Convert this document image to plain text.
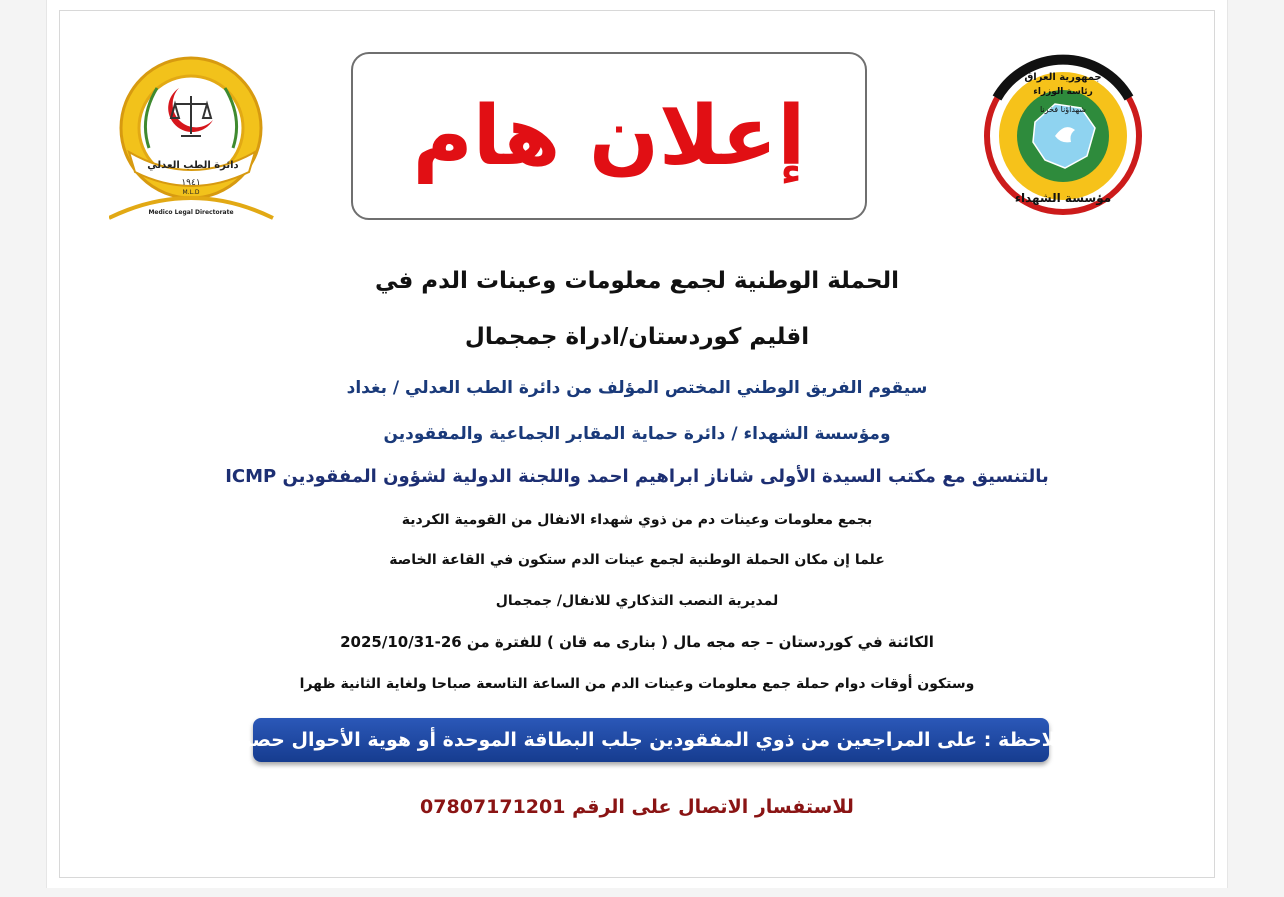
دائرة الطب العدلي
١٩٤١
M.L.D
Medico Legal Directorate
إعلان هام
جمهورية العراق
رئاسة الوزراء
شهداؤنا فخرنا
مؤسسة الشهداء
الحملة الوطنية لجمع معلومات وعينات الدم في
اقليم كوردستان/ادراة جمجمال
سيقوم الفريق الوطني المختص المؤلف من دائرة الطب العدلي / بغداد
ومؤسسة الشهداء / دائرة حماية المقابر الجماعية والمفقودين
بالتنسيق مع مكتب السيدة الأولى شاناز ابراهيم احمد واللجنة الدولية لشؤون المفقودين ICMP
بجمع معلومات وعينات دم من ذوي شهداء الانفال من القومية الكردية
علما إن مكان الحملة الوطنية لجمع عينات الدم ستكون في القاعة الخاصة
لمديرية النصب التذكاري للانفال/ جمجمال
الكائنة في كوردستان – جه مجه مال ( بنارى مه قان ) للفترة من 26-2025/10/31
وستكون أوقات دوام حملة جمع معلومات وعينات الدم من الساعة التاسعة صباحا ولغاية الثانية ظهرا
ملاحظة : على المراجعين من ذوي المفقودين جلب البطاقة الموحدة أو هوية الأحوال حصرا
للاستفسار الاتصال على الرقم 07807171201
